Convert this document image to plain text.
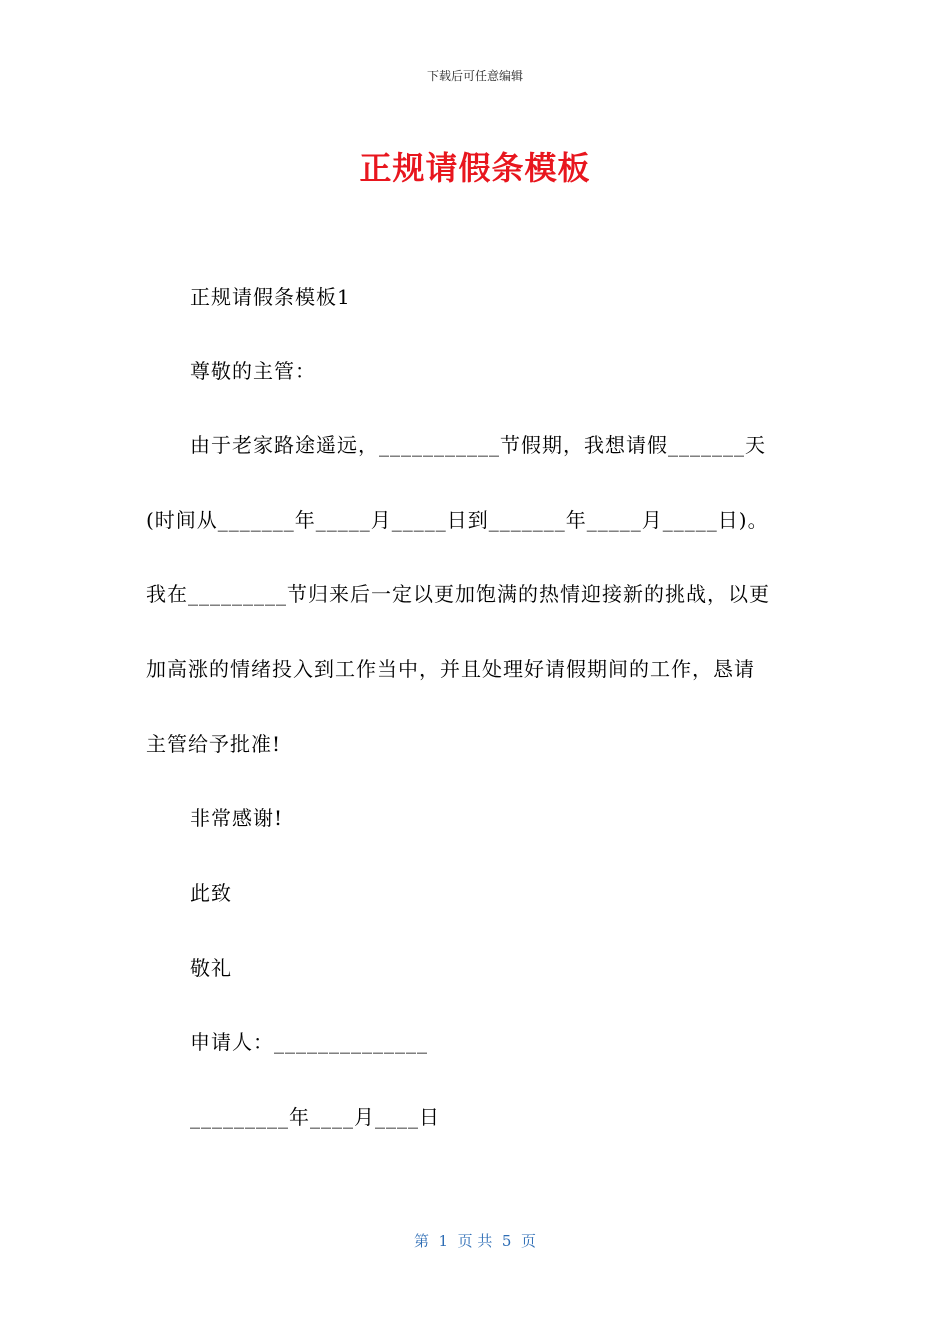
下载后可任意编辑
正规请假条模板
正规请假条模板1
尊敬的主管：
由于老家路途遥远，___________节假期，我想请假_______天
(时间从_______年_____月_____日到_______年_____月_____日)。
我在_________节归来后一定以更加饱满的热情迎接新的挑战，以更
加高涨的情绪投入到工作当中，并且处理好请假期间的工作，恳请
主管给予批准!
非常感谢!
此致
敬礼
申请人：______________
_________年____月____日
第  1  页 共  5  页
